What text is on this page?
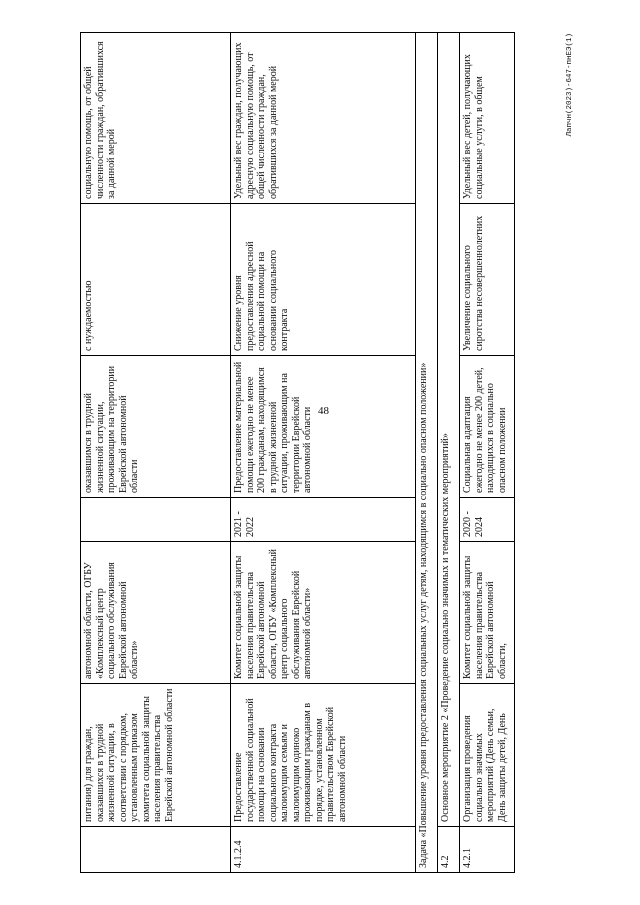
48
	питания) для граждан, оказавшихся в трудной жизненной ситуации, в соответствии с порядком, установленным приказом комитета социальной защиты населения правительства Еврейской автономной области	автономной области, ОГБУ «Комплексный центр социального обслуживания Еврейской автономной области»		оказавшимся в трудной жизненной ситуации, проживающим на территории Еврейской автономной области	с нуждаемостью	социальную помощь, от общей численности граждан, обратившихся за данной мерой
4.1.2.4	Предоставление государственной социальной помощи на основании социального контракта малоимущим семьям и малоимущим одиноко проживающим гражданам в порядке, установленном правительством Еврейской автономной области	Комитет социальной защиты населения правительства Еврейской автономной области, ОГБУ «Комплексный центр социального обслуживания Еврейской автономной области»	2021 - 2022	Предоставление материальной помощи ежегодно не менее 200 гражданам, находящимся в трудной жизненной ситуации, проживающим на территории Еврейской автономной области	Снижение уровня предоставления адресной социальной помощи на основании социального контракта	Удельный вес граждан, получающих адресную социальную помощь, от общей численности граждан, обратившихся за данной мерой
Задача «Повышение уровня предоставления социальных услуг детям, находящимся в социально опасном положении»						
4.2	Основное мероприятие 2 «Проведение социально значимых и тематических мероприятий»					
4.2.1	Организация проведения социально значимых мероприятий (День семьи, День защиты детей, День	Комитет социальной защиты населения правительства Еврейской автономной области,	2020 - 2024	Социальная адаптация ежегодно не менее 200 детей, находящихся в социально опасном положении	Увеличение социального сиротства несовершеннолетних	Удельный вес детей, получающих социальные услуги, в общем	Лапчн(2023)-647-пнЕЭ(1)
